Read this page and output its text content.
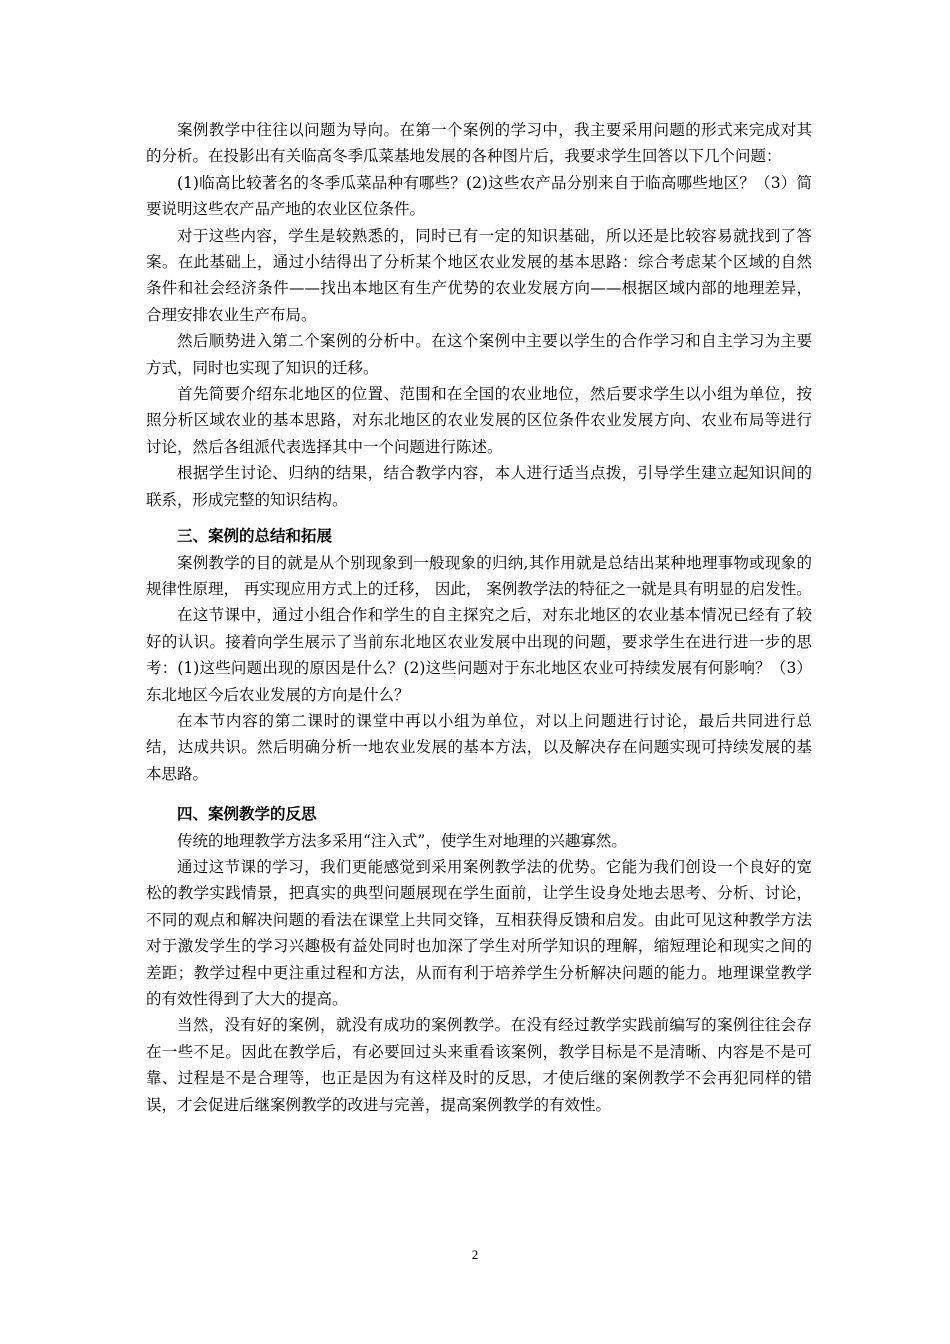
案例教学中往往以问题为导向。在第一个案例的学习中，我主要采用问题的形式来完成对其的分析。在投影出有关临高冬季瓜菜基地发展的各种图片后，我要求学生回答以下几个问题：

(1)临高比较著名的冬季瓜菜品种有哪些？(2)这些农产品分别来自于临高哪些地区？（3）简要说明这些农产品产地的农业区位条件。

对于这些内容，学生是较熟悉的，同时已有一定的知识基础，所以还是比较容易就找到了答案。在此基础上，通过小结得出了分析某个地区农业发展的基本思路：综合考虑某个区域的自然条件和社会经济条件——找出本地区有生产优势的农业发展方向——根据区域内部的地理差异，合理安排农业生产布局。

然后顺势进入第二个案例的分析中。在这个案例中主要以学生的合作学习和自主学习为主要方式，同时也实现了知识的迁移。

首先简要介绍东北地区的位置、范围和在全国的农业地位，然后要求学生以小组为单位，按照分析区域农业的基本思路，对东北地区的农业发展的区位条件农业发展方向、农业布局等进行讨论，然后各组派代表选择其中一个问题进行陈述。

根据学生讨论、归纳的结果，结合教学内容，本人进行适当点拨，引导学生建立起知识间的联系，形成完整的知识结构。

三、案例的总结和拓展

案例教学的目的就是从个别现象到一般现象的归纳,其作用就是总结出某种地理事物或现象的规律性原理， 再实现应用方式上的迁移， 因此， 案例教学法的特征之一就是具有明显的启发性。

在这节课中，通过小组合作和学生的自主探究之后，对东北地区的农业基本情况已经有了较好的认识。接着向学生展示了当前东北地区农业发展中出现的问题，要求学生在进行进一步的思考：(1)这些问题出现的原因是什么？(2)这些问题对于东北地区农业可持续发展有何影响？（3）东北地区今后农业发展的方向是什么？

在本节内容的第二课时的课堂中再以小组为单位，对以上问题进行讨论，最后共同进行总结，达成共识。然后明确分析一地农业发展的基本方法，以及解决存在问题实现可持续发展的基本思路。

四、案例教学的反思

传统的地理教学方法多采用“注入式”，使学生对地理的兴趣寡然。

通过这节课的学习，我们更能感觉到采用案例教学法的优势。它能为我们创设一个良好的宽松的教学实践情景，把真实的典型问题展现在学生面前，让学生设身处地去思考、分析、讨论，不同的观点和解决问题的看法在课堂上共同交锋，互相获得反馈和启发。由此可见这种教学方法对于激发学生的学习兴趣极有益处同时也加深了学生对所学知识的理解，缩短理论和现实之间的差距；教学过程中更注重过程和方法，从而有利于培养学生分析解决问题的能力。地理课堂教学的有效性得到了大大的提高。

当然，没有好的案例，就没有成功的案例教学。在没有经过教学实践前编写的案例往往会存在一些不足。因此在教学后，有必要回过头来重看该案例，教学目标是不是清晰、内容是不是可靠、过程是不是合理等，也正是因为有这样及时的反思，才使后继的案例教学不会再犯同样的错误，才会促进后继案例教学的改进与完善，提高案例教学的有效性。

2
